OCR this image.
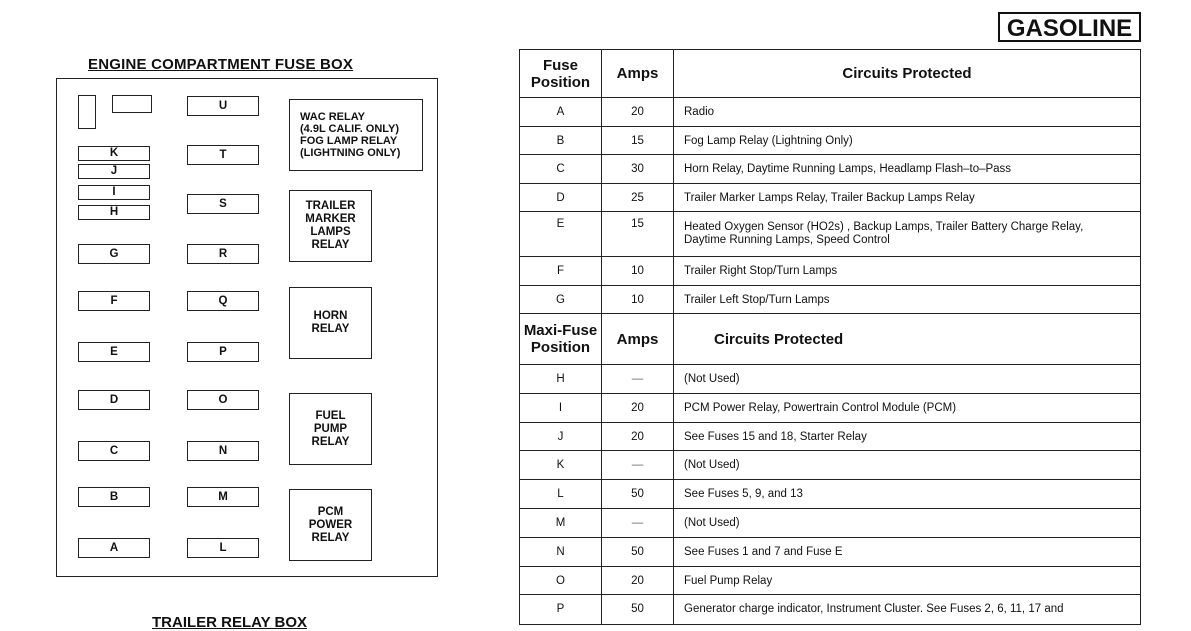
ENGINE COMPARTMENT FUSE BOX
K
J
I
H
G
F
E
D
C
B
A
U
T
S
R
Q
P
O
N
M
L
WAC RELAY
(4.9L CALIF. ONLY)
FOG LAMP RELAY
(LIGHTNING ONLY)
TRAILER
MARKER
LAMPS
RELAY
HORN
RELAY
FUEL
PUMP
RELAY
PCM
POWER
RELAY
TRAILER RELAY BOX
GASOLINE
Fuse
Position	Amps	Circuits Protected
A	20	Radio
B	15	Fog Lamp Relay (Lightning Only)
C	30	Horn Relay, Daytime Running Lamps, Headlamp Flash–to–Pass
D	25	Trailer Marker Lamps Relay, Trailer Backup Lamps Relay
E	15	Heated Oxygen Sensor (HO2s) , Backup Lamps, Trailer Battery Charge Relay, Daytime Running Lamps, Speed Control
F	10	Trailer Right Stop/Turn Lamps
G	10	Trailer Left Stop/Turn Lamps
Maxi-Fuse
Position	Amps	Circuits Protected
H	—	(Not Used)
I	20	PCM Power Relay, Powertrain Control Module (PCM)
J	20	See Fuses 15 and 18, Starter Relay
K	—	(Not Used)
L	50	See Fuses 5, 9, and 13
M	—	(Not Used)
N	50	See Fuses 1 and 7 and Fuse E
O	20	Fuel Pump Relay
P	50	Generator charge indicator, Instrument Cluster. See Fuses 2, 6, 11, 17 and
